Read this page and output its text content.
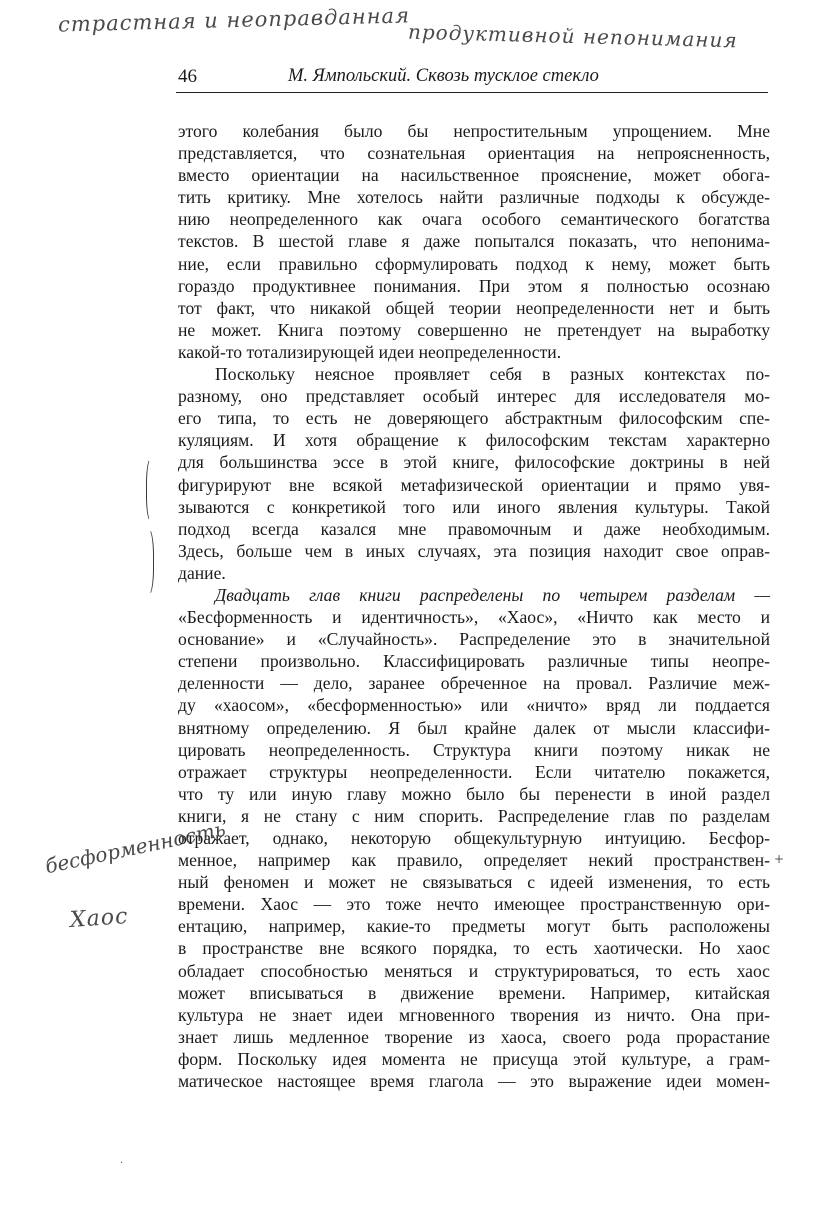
страстная и неоправданная
продуктивной непонимания
бесформенность
Хаос
46	М. Ямпольский. Сквозь тусклое стекло
+
·
этого колебания было бы непростительным упрощением. Мне
представляется, что сознательная ориентация на непроясненность,
вместо ориентации на насильственное прояснение, может обога-
тить критику. Мне хотелось найти различные подходы к обсужде-
нию неопределенного как очага особого семантического богатства
текстов. В шестой главе я даже попытался показать, что непонима-
ние, если правильно сформулировать подход к нему, может быть
гораздо продуктивнее понимания. При этом я полностью осознаю
тот факт, что никакой общей теории неопределенности нет и быть
не может. Книга поэтому совершенно не претендует на выработку
какой-то тотализирующей идеи неопределенности.
Поскольку неясное проявляет себя в разных контекстах по-
разному, оно представляет особый интерес для исследователя мо-
его типа, то есть не доверяющего абстрактным философским спе-
куляциям. И хотя обращение к философским текстам характерно
для большинства эссе в этой книге, философские доктрины в ней
фигурируют вне всякой метафизической ориентации и прямо увя-
зываются с конкретикой того или иного явления культуры. Такой
подход всегда казался мне правомочным и даже необходимым.
Здесь, больше чем в иных случаях, эта позиция находит свое оправ-
дание.
Двадцать глав книги распределены по четырем разделам —
«Бесформенность и идентичность», «Хаос», «Ничто как место и
основание» и «Случайность». Распределение это в значительной
степени произвольно. Классифицировать различные типы неопре-
деленности — дело, заранее обреченное на провал. Различие меж-
ду «хаосом», «бесформенностью» или «ничто» вряд ли поддается
внятному определению. Я был крайне далек от мысли классифи-
цировать неопределенность. Структура книги поэтому никак не
отражает структуры неопределенности. Если читателю покажется,
что ту или иную главу можно было бы перенести в иной раздел
книги, я не стану с ним спорить. Распределение глав по разделам
отражает, однако, некоторую общекультурную интуицию. Бесфор-
менное, например как правило, определяет некий пространствен-
ный феномен и может не связываться с идеей изменения, то есть
времени. Хаос — это тоже нечто имеющее пространственную ори-
ентацию, например, какие-то предметы могут быть расположены
в пространстве вне всякого порядка, то есть хаотически. Но хаос
обладает способностью меняться и структурироваться, то есть хаос
может вписываться в движение времени. Например, китайская
культура не знает идеи мгновенного творения из ничто. Она при-
знает лишь медленное творение из хаоса, своего рода прорастание
форм. Поскольку идея момента не присуща этой культуре, а грам-
матическое настоящее время глагола — это выражение идеи момен-
